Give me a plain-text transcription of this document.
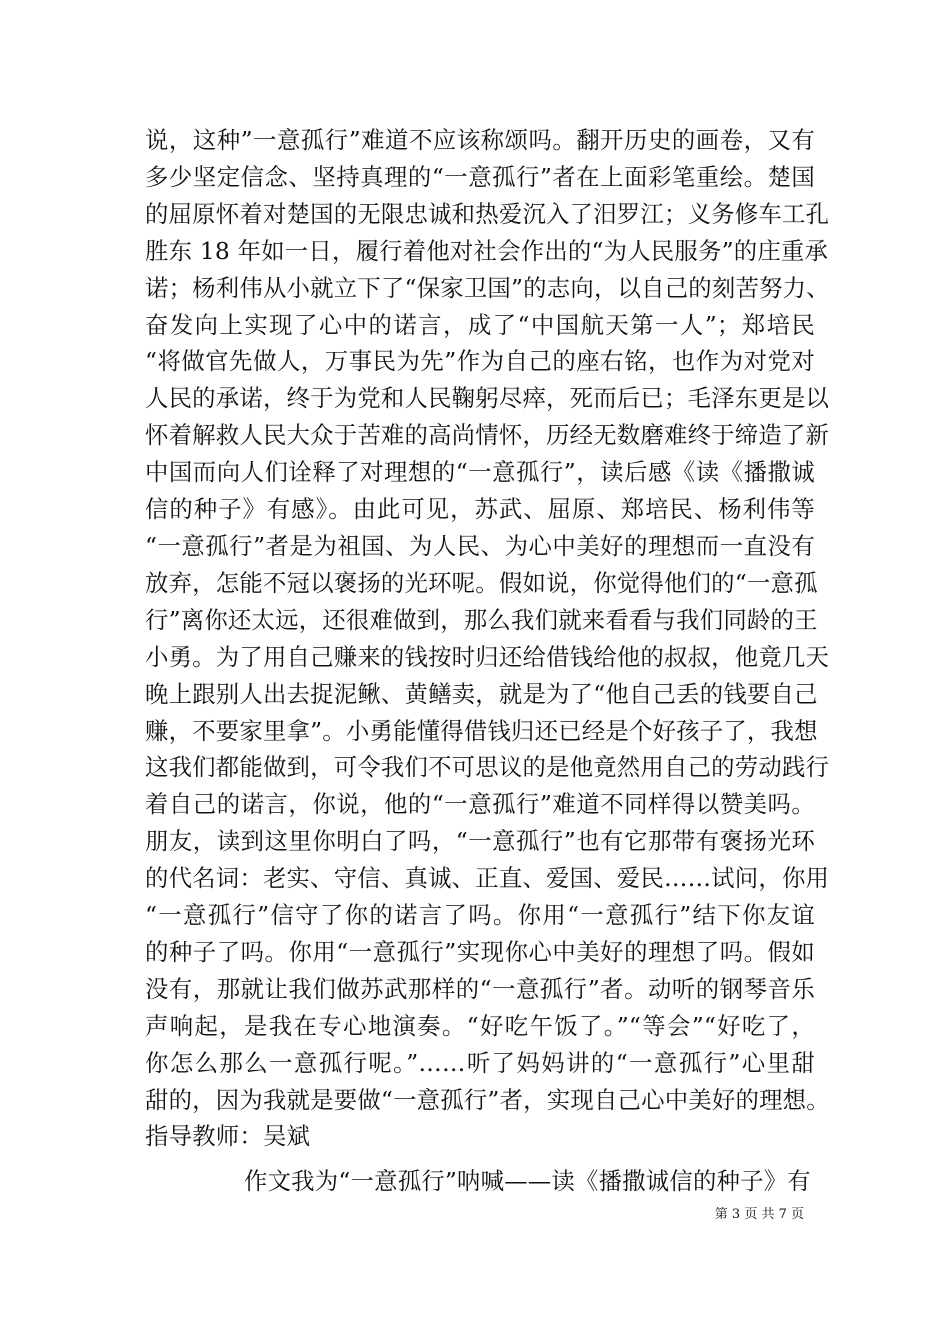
说，这种”一意孤行”难道不应该称颂吗。翻开历史的画卷，又有
多少坚定信念、坚持真理的“一意孤行”者在上面彩笔重绘。楚国
的屈原怀着对楚国的无限忠诚和热爱沉入了汨罗江；义务修车工孔
胜东 18 年如一日，履行着他对社会作出的“为人民服务”的庄重承
诺；杨利伟从小就立下了“保家卫国”的志向，以自己的刻苦努力、
奋发向上实现了心中的诺言，成了“中国航天第一人”；郑培民
“将做官先做人，万事民为先”作为自己的座右铭，也作为对党对
人民的承诺，终于为党和人民鞠躬尽瘁，死而后已；毛泽东更是以
怀着解救人民大众于苦难的高尚情怀，历经无数磨难终于缔造了新
中国而向人们诠释了对理想的“一意孤行”，读后感《读《播撒诚
信的种子》有感》。由此可见，苏武、屈原、郑培民、杨利伟等
“一意孤行”者是为祖国、为人民、为心中美好的理想而一直没有
放弃，怎能不冠以褒扬的光环呢。假如说，你觉得他们的“一意孤
行”离你还太远，还很难做到，那么我们就来看看与我们同龄的王
小勇。为了用自己赚来的钱按时归还给借钱给他的叔叔，他竟几天
晚上跟别人出去捉泥鳅、黄鳝卖，就是为了“他自己丢的钱要自己
赚，不要家里拿”。小勇能懂得借钱归还已经是个好孩子了，我想
这我们都能做到，可令我们不可思议的是他竟然用自己的劳动践行
着自己的诺言，你说，他的“一意孤行”难道不同样得以赞美吗。
朋友，读到这里你明白了吗，“一意孤行”也有它那带有褒扬光环
的代名词：老实、守信、真诚、正直、爱国、爱民……试问，你用
“一意孤行”信守了你的诺言了吗。你用“一意孤行”结下你友谊
的种子了吗。你用“一意孤行”实现你心中美好的理想了吗。假如
没有，那就让我们做苏武那样的“一意孤行”者。动听的钢琴音乐
声响起，是我在专心地演奏。“好吃午饭了。”“等会”“好吃了，
你怎么那么一意孤行呢。”……听了妈妈讲的“一意孤行”心里甜
甜的，因为我就是要做“一意孤行”者，实现自己心中美好的理想。
指导教师：吴斌
作文我为“一意孤行”呐喊——读《播撒诚信的种子》有
第 3 页 共 7 页
